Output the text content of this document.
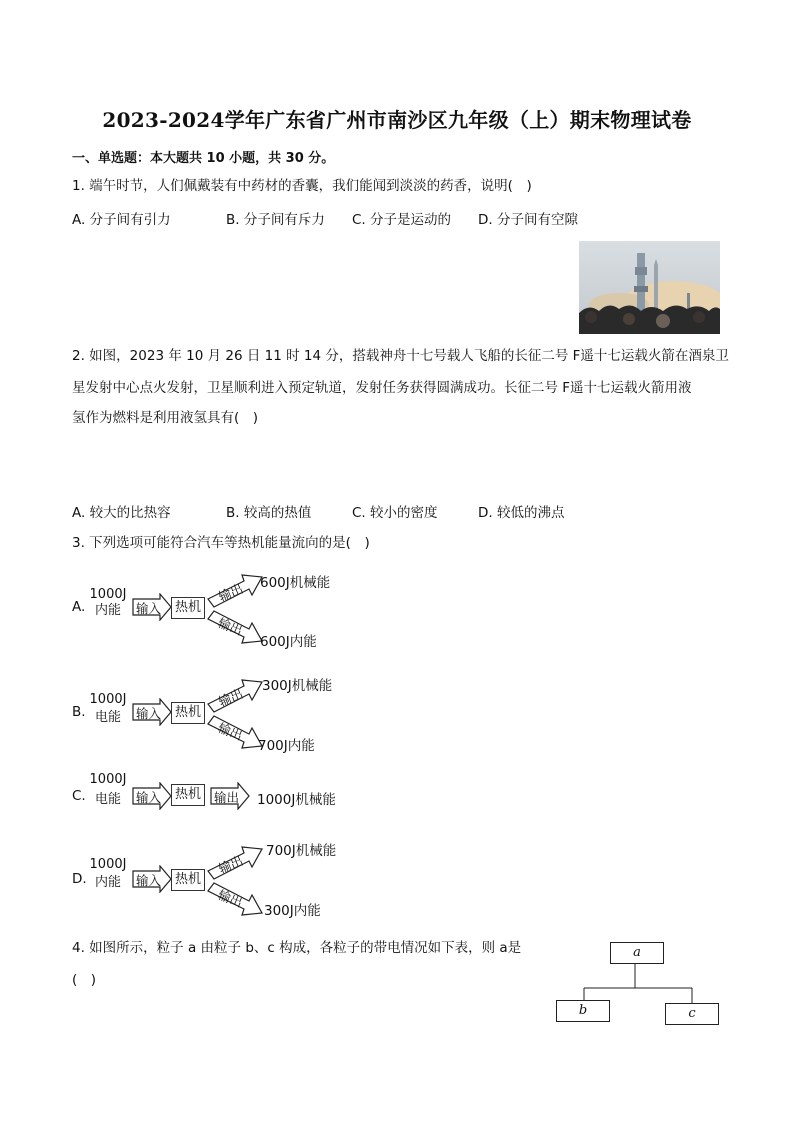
2023-2024学年广东省广州市南沙区九年级（上）期末物理试卷
一、单选题：本大题共 10 小题，共 30 分。
1. 端午时节，人们佩戴装有中药材的香囊，我们能闻到淡淡的药香，说明(　)
A. 分子间有引力	B. 分子间有斥力 C. 分子是运动的 D. 分子间有空隙
2. 如图，2023 年 10 月 26 日 11 时 14 分，搭载神舟十七号载人飞船的长征二号 F遥十七运载火箭在酒泉卫
星发射中心点火发射，卫星顺利进入预定轨道，发射任务获得圆满成功。长征二号 F遥十七运载火箭用液
氢作为燃料是利用液氢具有(　)
A. 较大的比热容	B. 较高的热值	C. 较小的密度	D. 较低的沸点
3. 下列选项可能符合汽车等热机能量流向的是(　)
A.
1000J
内能	输入	热机
输出
输出
600J机械能
600J内能
B.
1000J
电能	输入	热机
输出
输出
300J机械能
700J内能
C.
1000J
电能	输入	热机	输出 1000J机械能
D.
1000J
内能	输入	热机
输出
输出
700J机械能
300J内能
4. 如图所示，粒子 a 由粒子 b、c 构成，各粒子的带电情况如下表，则 a是
(　)
a
b	c
